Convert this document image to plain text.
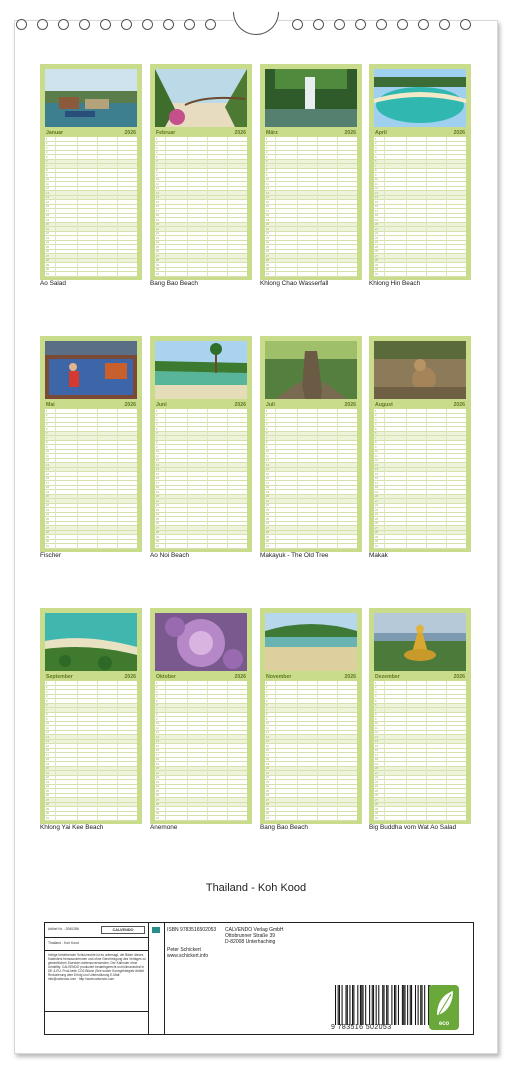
Januar	2026
1
2
3
4
5
6
7
8
9
10
11
12
13
14
15
16
17
18
19
20
21
22
23
24
25
26
27
28
29
30
31
Ao Salad
Februar	2026
1
2
3
4
5
6
7
8
9
10
11
12
13
14
15
16
17
18
19
20
21
22
23
24
25
26
27
28
29
30
31
Bang Bao Beach
März	2026
1
2
3
4
5
6
7
8
9
10
11
12
13
14
15
16
17
18
19
20
21
22
23
24
25
26
27
28
29
30
31
Khlong Chao Wasserfall
April	2026
1
2
3
4
5
6
7
8
9
10
11
12
13
14
15
16
17
18
19
20
21
22
23
24
25
26
27
28
29
30
31
Khlong Hin Beach
Mai	2026
1
2
3
4
5
6
7
8
9
10
11
12
13
14
15
16
17
18
19
20
21
22
23
24
25
26
27
28
29
30
31
Fischer
Juni	2026
1
2
3
4
5
6
7
8
9
10
11
12
13
14
15
16
17
18
19
20
21
22
23
24
25
26
27
28
29
30
31
Ao Noi Beach
Juli	2026
1
2
3
4
5
6
7
8
9
10
11
12
13
14
15
16
17
18
19
20
21
22
23
24
25
26
27
28
29
30
31
Makayuk - The Old Tree
August	2026
1
2
3
4
5
6
7
8
9
10
11
12
13
14
15
16
17
18
19
20
21
22
23
24
25
26
27
28
29
30
31
Makak
September	2026
1
2
3
4
5
6
7
8
9
10
11
12
13
14
15
16
17
18
19
20
21
22
23
24
25
26
27
28
29
30
31
Khlong Yai Kee Beach
Oktober	2026
1
2
3
4
5
6
7
8
9
10
11
12
13
14
15
16
17
18
19
20
21
22
23
24
25
26
27
28
29
30
31
Anemone
November	2026
1
2
3
4
5
6
7
8
9
10
11
12
13
14
15
16
17
18
19
20
21
22
23
24
25
26
27
28
29
30
31
Bang Bao Beach
Dezember	2026
1
2
3
4
5
6
7
8
9
10
11
12
13
14
15
16
17
18
19
20
21
22
23
24
25
26
27
28
29
30
31
Big Buddha vom Wat Ao Salad
Thailand - Koh Kood
Artikel Nr. : 2060286	CALVENDO
Thailand - Koh Kood
Infolge bestehender Schutzrechte ist es untersagt, die Bilder dieses Kalenders herauszutrennen und ohne Genehmigung des Verlages zu gewerblichen Zwecken weiterzuverwenden. Der Kalender ohne Umstiftty. CALVENDO produziert bedarfsgerecht und klimaneutral in DE & EU. Prod-ketic CO2-Bilanz (See sucter Sonngehbegleir Artikel Reduzierung dem Erfolg und Unterstützung E-Mail: info@calvendo.com · http://www.calvendo.com
ISBN 9783516502053
Peter Schickert
www.schickert.info
CALVENDO Verlag GmbH
Ottobrunner Straße 39
D-82008 Unterhaching
9 783516 502053	eco
